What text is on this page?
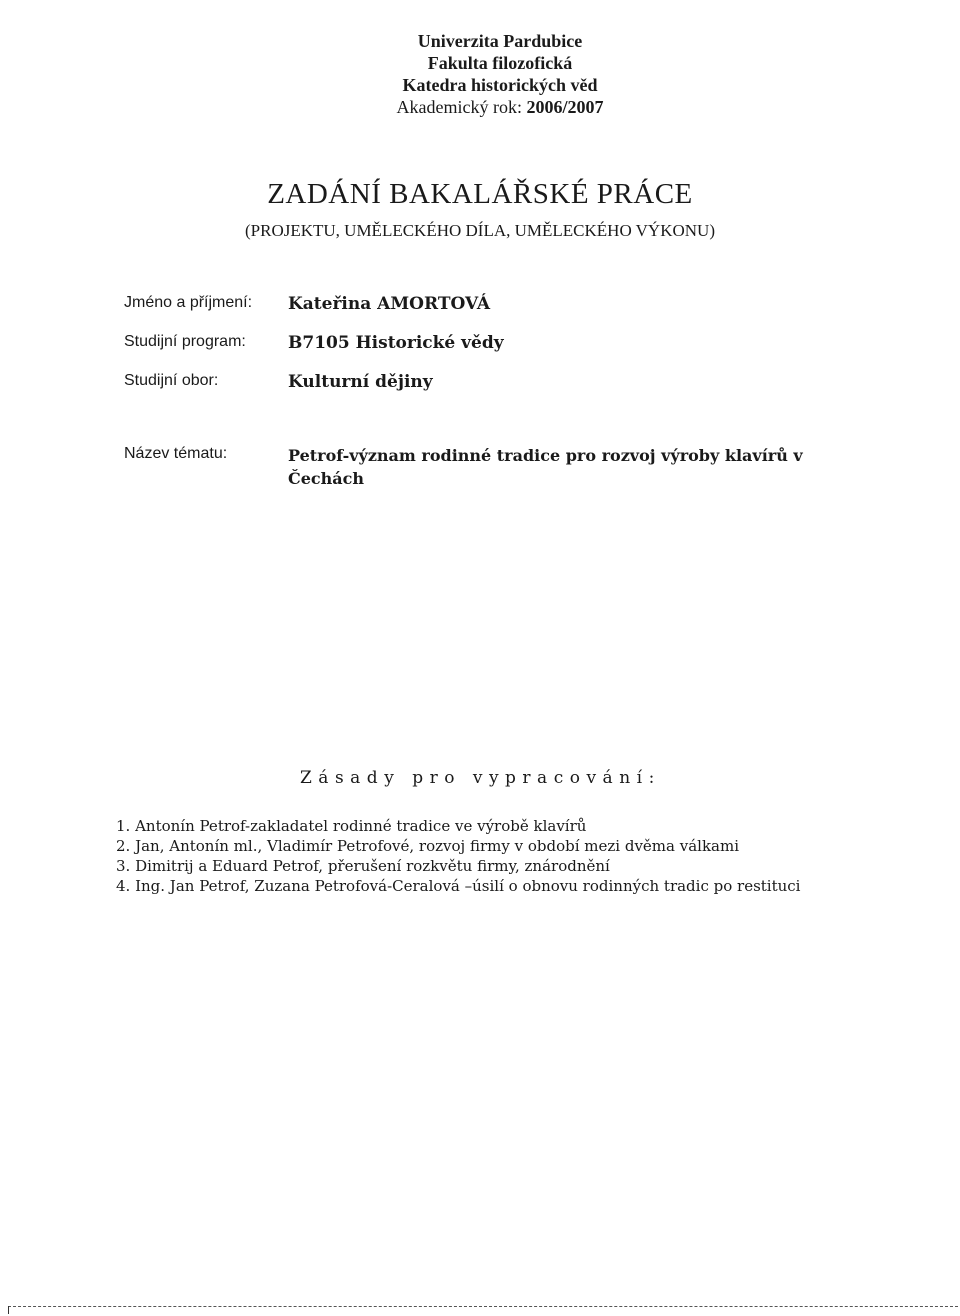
Univerzita Pardubice
Fakulta filozofická
Katedra historických věd
Akademický rok: 2006/2007
ZADÁNÍ BAKALÁŘSKÉ PRÁCE
(PROJEKTU, UMĚLECKÉHO DÍLA, UMĚLECKÉHO VÝKONU)
Jméno a příjmení: Kateřina AMORTOVÁ
Studijní program: B7105 Historické vědy
Studijní obor:	Kulturní dějiny
Název tématu:	Petrof-význam rodinné tradice pro rozvoj výroby klavírů v Čechách
Zásady pro vypracování:
1. Antonín Petrof-zakladatel rodinné tradice ve výrobě klavírů
2. Jan, Antonín ml., Vladimír Petrofové, rozvoj firmy v období mezi dvěma válkami
3. Dimitrij a Eduard Petrof, přerušení rozkvětu firmy, znárodnění
4. Ing. Jan Petrof, Zuzana Petrofová-Ceralová –úsilí o obnovu rodinných tradic po restituci
